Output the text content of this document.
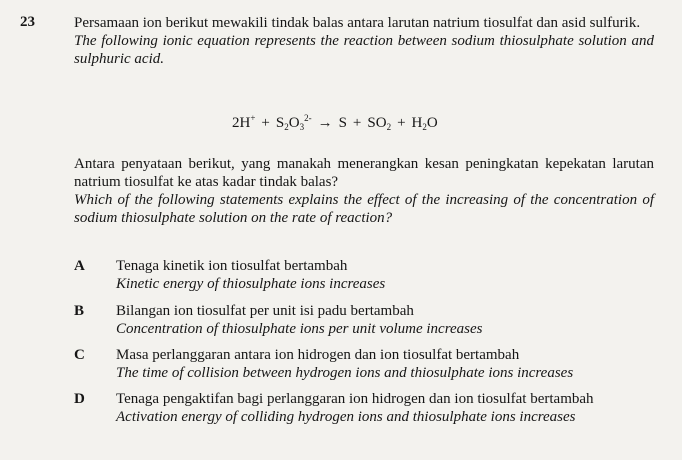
23	Persamaan ion berikut mewakili tindak balas antara larutan natrium tiosulfat dan asid sulfurik.

The following ionic equation represents the reaction between sodium thiosulphate solution and sulphuric acid.

$2H^+ + S_2O_3^{2-} \to S + SO_2 + H_2O$

Antara penyataan berikut, yang manakah menerangkan kesan peningkatan kepekatan larutan natrium tiosulfat ke atas kadar tindak balas?

Which of the following statements explains the effect of the increasing of the concentration of sodium thiosulphate solution on the rate of reaction?

A Tenaga kinetik ion tiosulfat bertambah

Kinetic energy of thiosulphate ions increases

B Bilangan ion tiosulfat per unit isi padu bertambah

Concentration of thiosulphate ions per unit volume increases

C Masa perlanggaran antara ion hidrogen dan ion tiosulfat bertambah

The time of collision between hydrogen ions and thiosulphate ions increases

D Tenaga pengaktifan bagi perlanggaran ion hidrogen dan ion tiosulfat bertambah

Activation energy of colliding hydrogen ions and thiosulphate ions increases
